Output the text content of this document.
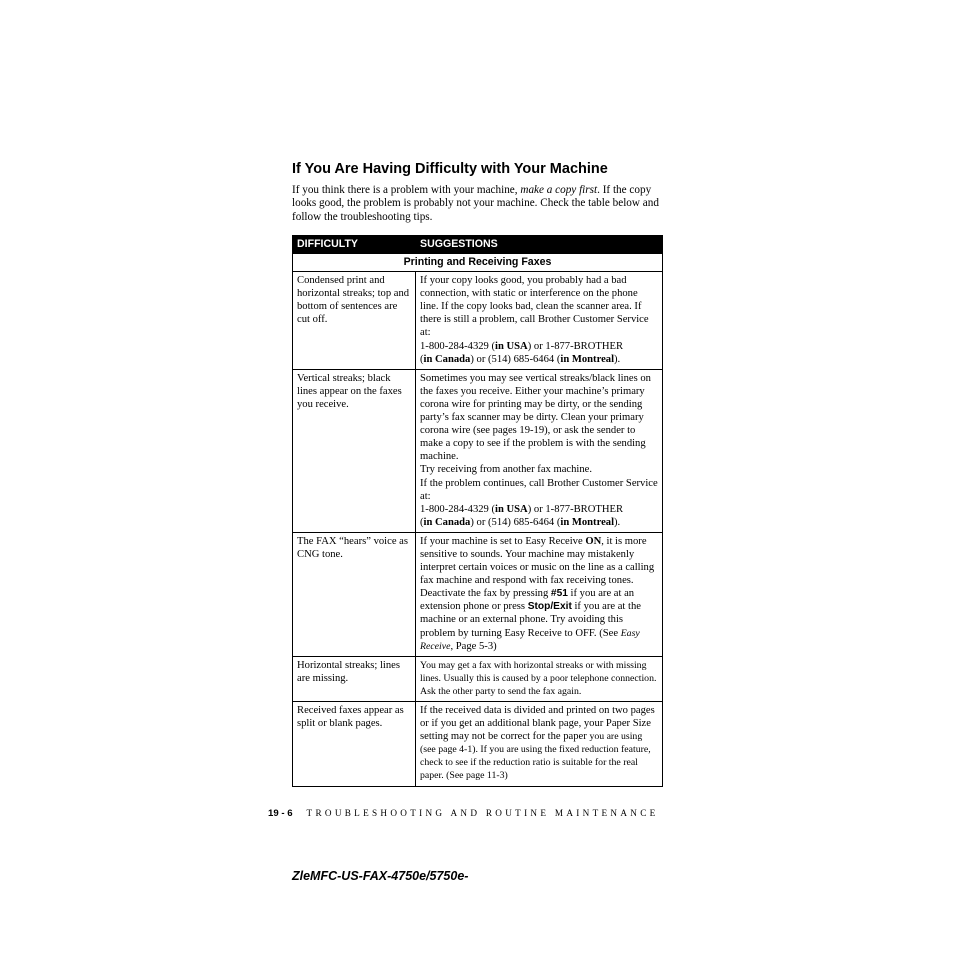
If You Are Having Difficulty with Your Machine

If you think there is a problem with your machine, make a copy first. If the copy looks good, the problem is probably not your machine. Check the table below and follow the troubleshooting tips.

DIFFICULTY	SUGGESTIONS
Printing and Receiving Faxes	
Condensed print and horizontal streaks; top and bottom of sentences are cut off.	If your copy looks good, you probably had a bad connection, with static or interference on the phone line. If the copy looks bad, clean the scanner area. If there is still a problem, call Brother Customer Service at:
1-800-284-4329 (in USA) or 1-877-BROTHER
(in Canada) or (514) 685-6464 (in Montreal).
Vertical streaks; black lines appear on the faxes you receive.	Sometimes you may see vertical streaks/black lines on the faxes you receive. Either your machine’s primary corona wire for printing may be dirty, or the sending party’s fax scanner may be dirty. Clean your primary corona wire (see pages 19-19), or ask the sender to make a copy to see if the problem is with the sending machine.
Try receiving from another fax machine.
If the problem continues, call Brother Customer Service at:
1-800-284-4329 (in USA) or 1-877-BROTHER
(in Canada) or (514) 685-6464 (in Montreal).
The FAX “hears” voice as CNG tone.	If your machine is set to Easy Receive ON, it is more sensitive to sounds. Your machine may mistakenly interpret certain voices or music on the line as a calling fax machine and respond with fax receiving tones. Deactivate the fax by pressing #51 if you are at an extension phone or press Stop/Exit if you are at the machine or an external phone. Try avoiding this problem by turning Easy Receive to OFF. (See Easy Receive, Page 5-3)
Horizontal streaks; lines are missing.	You may get a fax with horizontal streaks or with missing lines. Usually this is caused by a poor telephone connection. Ask the other party to send the fax again.
Received faxes appear as split or blank pages.	If the received data is divided and printed on two pages or if you get an additional blank page, your Paper Size setting may not be correct for the paper you are using (see page 4-1). If you are using the fixed reduction feature, check to see if the reduction ratio is suitable for the real paper. (See page 11-3)

19 - 6 TROUBLESHOOTING AND ROUTINE MAINTENANCE

ZleMFC-US-FAX-4750e/5750e-
